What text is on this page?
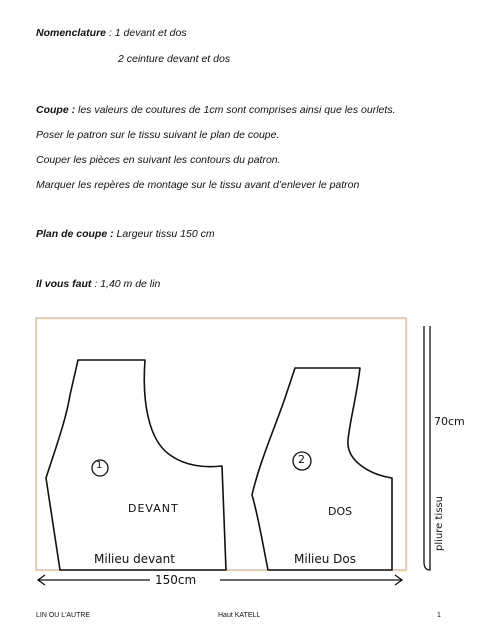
Nomenclature : 1 devant et dos
2 ceinture devant et dos
Coupe : les valeurs de coutures de 1cm sont comprises ainsi que les ourlets.
Poser le patron sur le tissu suivant le plan de coupe.
Couper les pièces en suivant les contours du patron.
Marquer les repères de montage sur le tissu avant d’enlever le patron
Plan de coupe : Largeur tissu 150 cm
Il vous faut : 1,40 m de lin
1	2
DEVANT	DOS
Milieu devant	Milieu Dos
150cm
70cm
pliure tissu
LIN OU L’AUTRE	Haut KATELL	1
